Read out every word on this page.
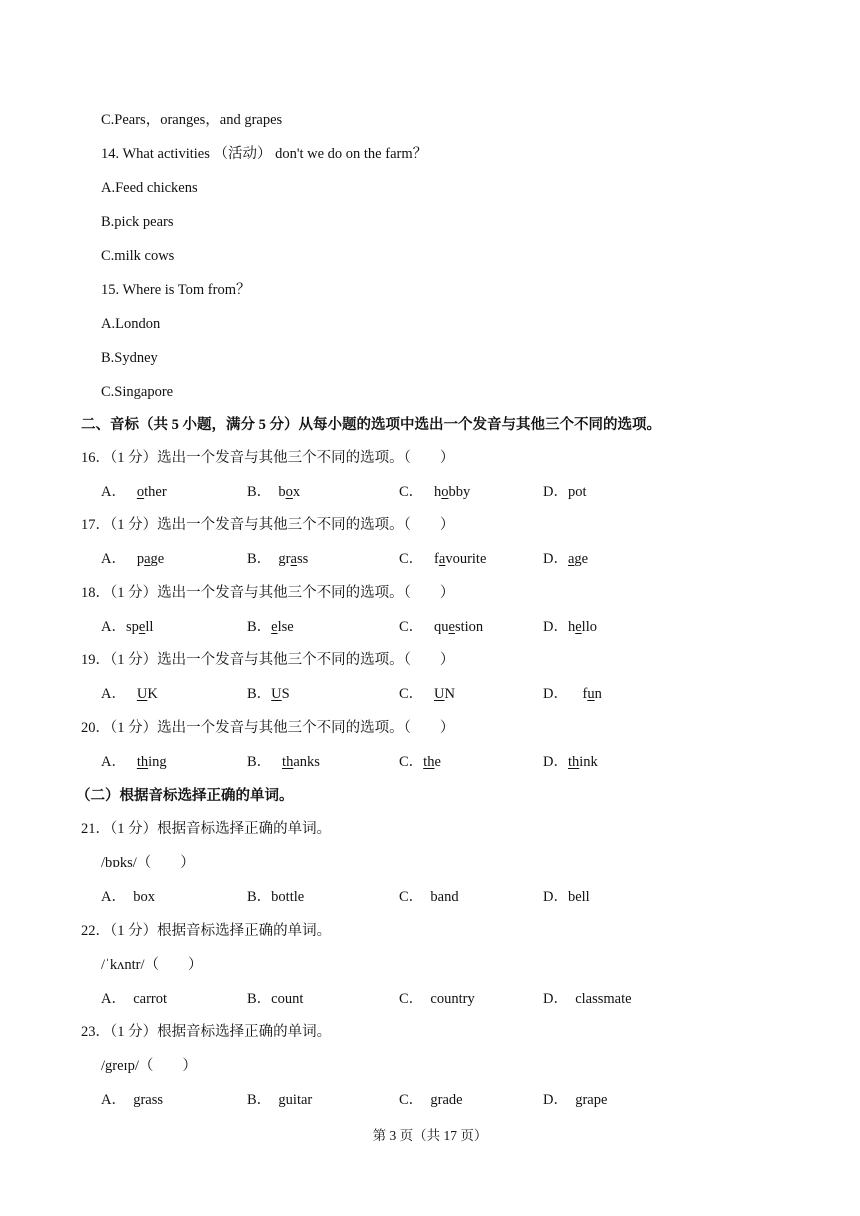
C.Pears，oranges，and grapes
14. What activities （活动） don't we do on the farm？
A.Feed chickens
B.pick pears
C.milk cows
15. Where is Tom from？
A.London
B.Sydney
C.Singapore
二、音标（共 5 小题，满分 5 分）从每小题的选项中选出一个发音与其他三个不同的选项。
16．（1 分）选出一个发音与其他三个不同的选项。（　　）
A． other	B． box	C． hobby	D．pot
17．（1 分）选出一个发音与其他三个不同的选项。（　　）
A． page	B． grass	C． favourite	D．age
18．（1 分）选出一个发音与其他三个不同的选项。（　　）
A．spell	B．else	C． question	D．hello
19．（1 分）选出一个发音与其他三个不同的选项。（　　）
A． UK	B．US	C． UN	D． fun
20．（1 分）选出一个发音与其他三个不同的选项。（　　）
A． thing	B． thanks	C．the	D．think
（二）根据音标选择正确的单词。
21．（1 分）根据音标选择正确的单词。
/bɒks/（　　）
A．　box	B．bottle	C．　band	D．bell
22．（1 分）根据音标选择正确的单词。
/ˈkʌntr/（　　）
A．　carrot	B．count	C．　country	D．　classmate
23．（1 分）根据音标选择正确的单词。
/greɪp/（　　）
A．　grass	B．　guitar	C．　grade	D．　grape
第 3 页（共 17 页）
